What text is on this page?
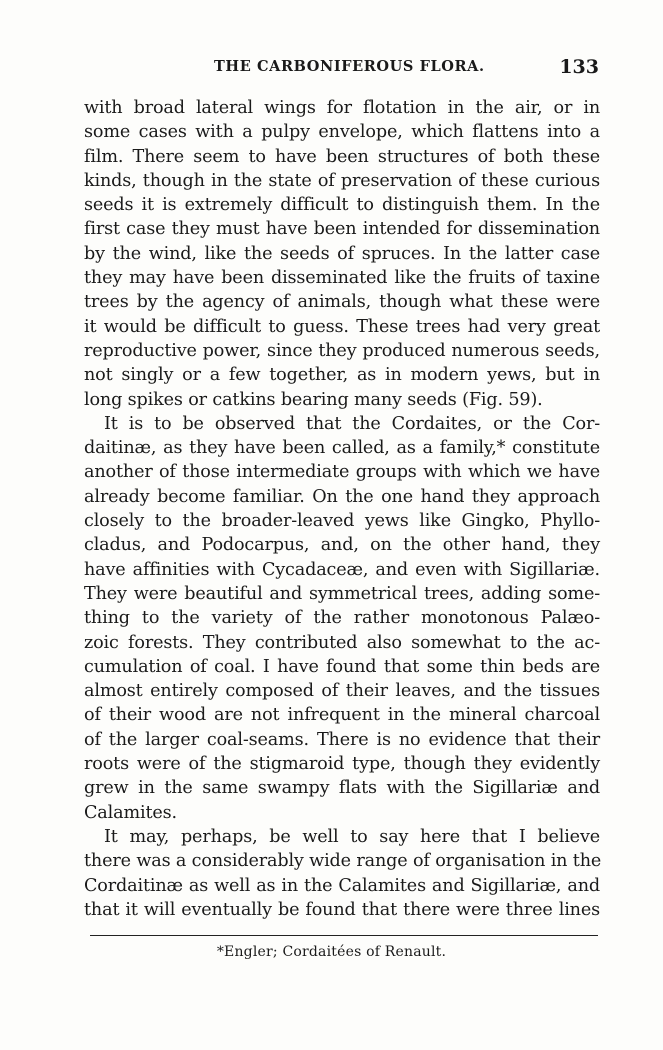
THE CARBONIFEROUS FLORA.	133
with broad lateral wings for flotation in the air, or in
some cases with a pulpy envelope, which flattens into a
film. There seem to have been structures of both these
kinds, though in the state of preservation of these curious
seeds it is extremely difficult to distinguish them. In the
first case they must have been intended for dissemination
by the wind, like the seeds of spruces. In the latter case
they may have been disseminated like the fruits of taxine
trees by the agency of animals, though what these were
it would be difficult to guess. These trees had very great
reproductive power, since they produced numerous seeds,
not singly or a few together, as in modern yews, but in
long spikes or catkins bearing many seeds (Fig. 59).
It is to be observed that the Cordaites, or the Cor-
daitinæ, as they have been called, as a family,* constitute
another of those intermediate groups with which we have
already become familiar. On the one hand they approach
closely to the broader-leaved yews like Gingko, Phyllo-
cladus, and Podocarpus, and, on the other hand, they
have affinities with Cycadaceæ, and even with Sigillariæ.
They were beautiful and symmetrical trees, adding some-
thing to the variety of the rather monotonous Palæo-
zoic forests. They contributed also somewhat to the ac-
cumulation of coal. I have found that some thin beds are
almost entirely composed of their leaves, and the tissues
of their wood are not infrequent in the mineral charcoal
of the larger coal-seams. There is no evidence that their
roots were of the stigmaroid type, though they evidently
grew in the same swampy flats with the Sigillariæ and
Calamites.
It may, perhaps, be well to say here that I believe
there was a considerably wide range of organisation in the
Cordaitinæ as well as in the Calamites and Sigillariæ, and
that it will eventually be found that there were three lines
*Engler; Cordaitées of Renault.
